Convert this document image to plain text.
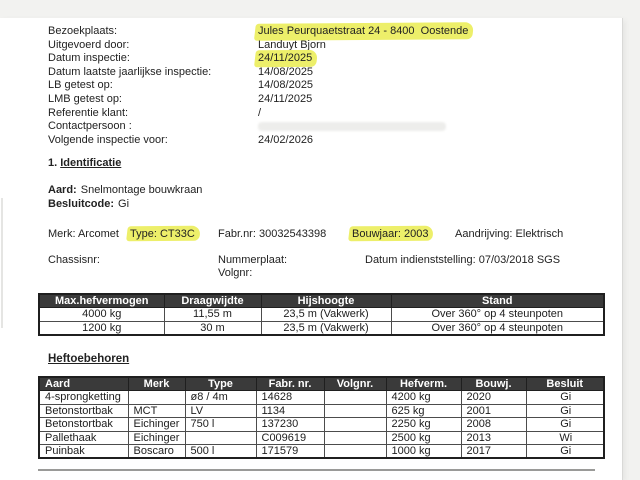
Bezoekplaats:	Jules Peurquaetstraat 24 - 8400  Oostende
Uitgevoerd door:	Landuyt Bjorn
Datum inspectie:	24/11/2025
Datum laatste jaarlijkse inspectie:	14/08/2025
LB getest op:	14/08/2025
LMB getest op:	24/11/2025
Referentie klant:	/
Contactpersoon :
Volgende inspectie voor:	24/02/2026
1. Identificatie
Aard: Snelmontage bouwkraan
Besluitcode: Gi
Merk: Arcomet Type: CT33C Fabr.nr: 30032543398 Bouwjaar: 2003 Aandrijving: Elektrisch
Chassisnr:	Nummerplaat:
Volgnr:
Datum indienststelling: 07/03/2018 SGS
Max.hefvermogen	Draagwijdte	Hijshoogte	Stand
4000 kg	11,55 m	23,5 m (Vakwerk)	Over 360° op 4 steunpoten
1200 kg	30 m	23,5 m (Vakwerk)	Over 360° op 4 steunpoten
Heftoebehoren
Aard	Merk	Type	Fabr. nr.	Volgnr.	Hefverm.	Bouwj.	Besluit
4-sprongketting		ø8 / 4m	14628		4200 kg	2020	Gi
Betonstortbak	MCT	LV	1134		625 kg	2001	Gi
Betonstortbak	Eichinger	750 l	137230		2250 kg	2008	Gi
Pallethaak	Eichinger		C009619		2500 kg	2013	Wi
Puinbak	Boscaro	500 l	171579		1000 kg	2017	Gi
